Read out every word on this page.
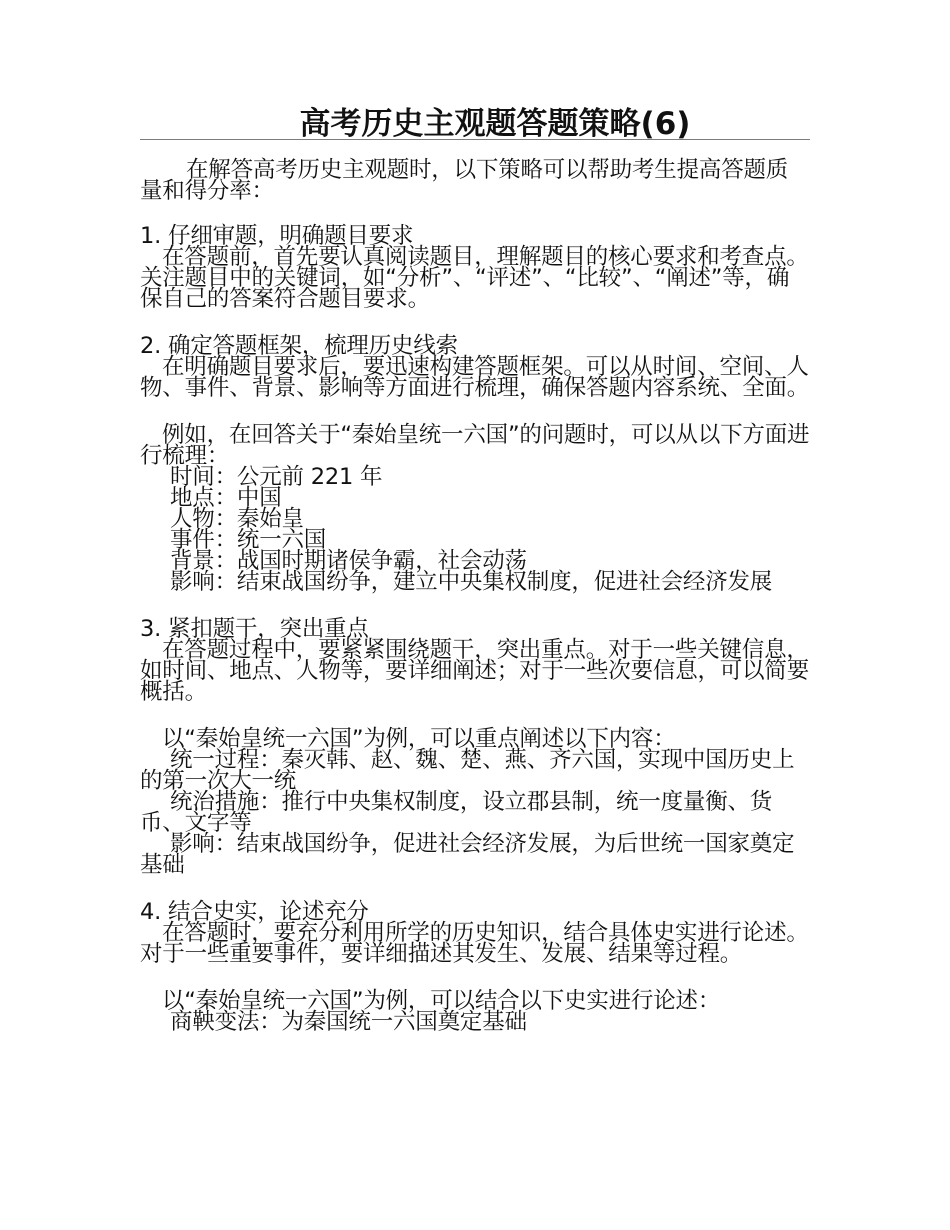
高考历史主观题答题策略(6)

在解答高考历史主观题时，以下策略可以帮助考生提高答题质量和得分率：

1. 仔细审题，明确题目要求

在答题前，首先要认真阅读题目，理解题目的核心要求和考查点。关注题目中的关键词，如“分析”、“评述”、“比较”、“阐述”等，确保自己的答案符合题目要求。

2. 确定答题框架，梳理历史线索

在明确题目要求后，要迅速构建答题框架。可以从时间、空间、人物、事件、背景、影响等方面进行梳理，确保答题内容系统、全面。

例如，在回答关于“秦始皇统一六国”的问题时，可以从以下方面进行梳理：

时间：公元前 221 年

地点：中国

人物：秦始皇

事件：统一六国

背景：战国时期诸侯争霸，社会动荡

影响：结束战国纷争，建立中央集权制度，促进社会经济发展

3. 紧扣题干，突出重点

在答题过程中，要紧紧围绕题干，突出重点。对于一些关键信息，如时间、地点、人物等，要详细阐述；对于一些次要信息，可以简要概括。

以“秦始皇统一六国”为例，可以重点阐述以下内容：

统一过程：秦灭韩、赵、魏、楚、燕、齐六国，实现中国历史上的第一次大一统

统治措施：推行中央集权制度，设立郡县制，统一度量衡、货币、文字等

影响：结束战国纷争，促进社会经济发展，为后世统一国家奠定基础

4. 结合史实，论述充分

在答题时，要充分利用所学的历史知识，结合具体史实进行论述。对于一些重要事件，要详细描述其发生、发展、结果等过程。

以“秦始皇统一六国”为例，可以结合以下史实进行论述：

商鞅变法：为秦国统一六国奠定基础
